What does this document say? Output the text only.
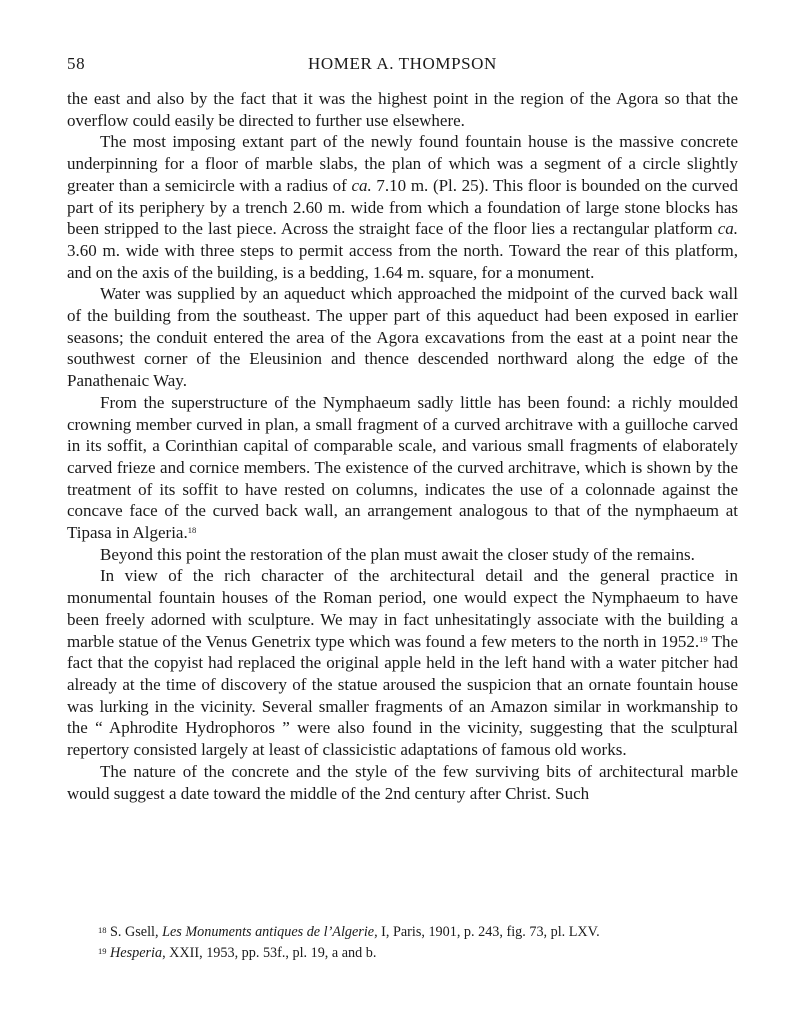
58	HOMER A. THOMPSON

the east and also by the fact that it was the highest point in the region of the Agora so that the overflow could easily be directed to further use elsewhere.

The most imposing extant part of the newly found fountain house is the massive concrete underpinning for a floor of marble slabs, the plan of which was a segment of a circle slightly greater than a semicircle with a radius of ca. 7.10 m. (Pl. 25). This floor is bounded on the curved part of its periphery by a trench 2.60 m. wide from which a foundation of large stone blocks has been stripped to the last piece. Across the straight face of the floor lies a rectangular platform ca. 3.60 m. wide with three steps to permit access from the north. Toward the rear of this platform, and on the axis of the building, is a bedding, 1.64 m. square, for a monument.

Water was supplied by an aqueduct which approached the midpoint of the curved back wall of the building from the southeast. The upper part of this aqueduct had been exposed in earlier seasons; the conduit entered the area of the Agora excavations from the east at a point near the southwest corner of the Eleusinion and thence descended northward along the edge of the Panathenaic Way.

From the superstructure of the Nymphaeum sadly little has been found: a richly moulded crowning member curved in plan, a small fragment of a curved architrave with a guilloche carved in its soffit, a Corinthian capital of comparable scale, and various small fragments of elaborately carved frieze and cornice members. The existence of the curved architrave, which is shown by the treatment of its soffit to have rested on columns, indicates the use of a colonnade against the concave face of the curved back wall, an arrangement analogous to that of the nymphaeum at Tipasa in Algeria.$^{18}$

Beyond this point the restoration of the plan must await the closer study of the remains.

In view of the rich character of the architectural detail and the general practice in monumental fountain houses of the Roman period, one would expect the Nymphaeum to have been freely adorned with sculpture. We may in fact unhesitatingly associate with the building a marble statue of the Venus Genetrix type which was found a few meters to the north in 1952.19 The fact that the copyist had replaced the original apple held in the left hand with a water pitcher had already at the time of discovery of the statue aroused the suspicion that an ornate fountain house was lurking in the vicinity. Several smaller fragments of an Amazon similar in workmanship to the “ Aphrodite Hydrophoros ” were also found in the vicinity, suggesting that the sculptural repertory consisted largely at least of classicistic adaptations of famous old works.

The nature of the concrete and the style of the few surviving bits of architectural marble would suggest a date toward the middle of the 2nd century after Christ. Such

$^{18}$ S. Gsell, Les Monuments antiques de l’Algerie, I, Paris, 1901, p. 243, fig. 73, pl. LXV.

$^{19}$ Hesperia, XXII, 1953, pp. 53f., pl. 19, a and b.
